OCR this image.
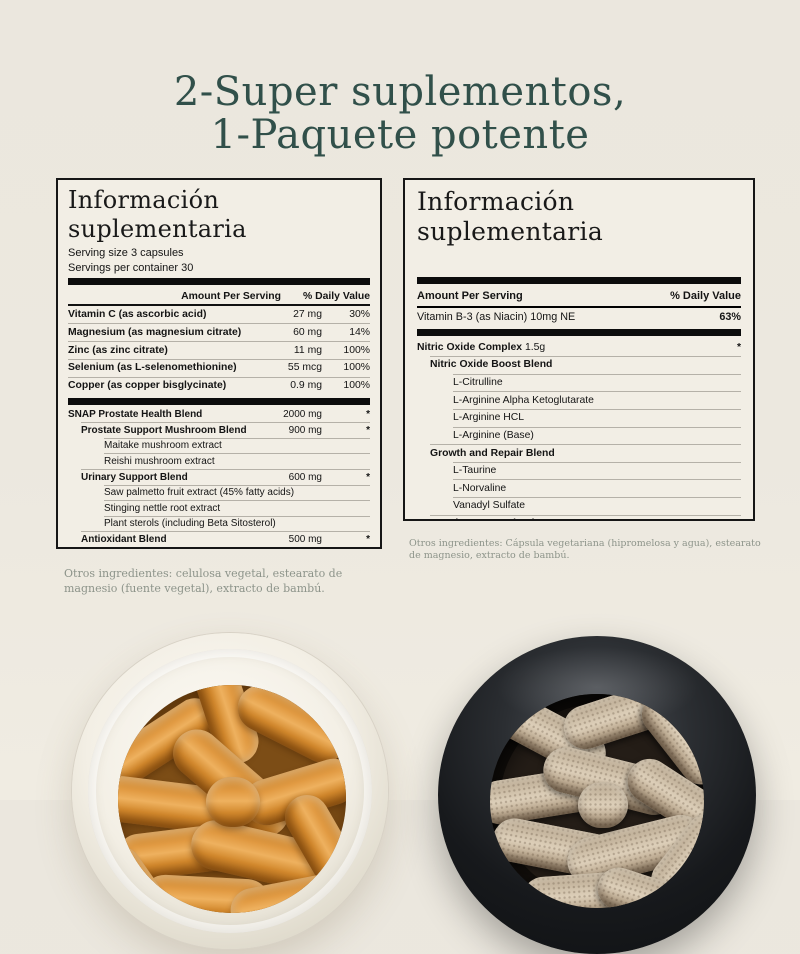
2-Super suplementos,
1-Paquete potente
Información suplementaria
Serving size 3 capsules
Servings per container 30
Amount Per Serving % Daily Value
Vitamin C (as ascorbic acid)	27 mg	30%
Magnesium (as magnesium citrate)	60 mg	14%
Zinc (as zinc citrate)	11 mg	100%
Selenium (as L-selenomethionine)	55 mcg	100%
Copper (as copper bisglycinate)	0.9 mg	100%
SNAP Prostate Health Blend	2000 mg	*
Prostate Support Mushroom Blend	900 mg	*
Maitake mushroom extract
Reishi mushroom extract
Urinary Support Blend	600 mg	*
Saw palmetto fruit extract (45% fatty acids)
Stinging nettle root extract
Plant sterols (including Beta Sitosterol)
Antioxidant Blend	500 mg	*

Otros ingredientes: celulosa vegetal, estearato de magnesio (fuente vegetal), extracto de bambú.

Información suplementaria
Amount Per Serving	% Daily Value
Vitamin B-3 (as Niacin) 10mg NE	63%
Nitric Oxide Complex 1.5g	*
Nitric Oxide Boost Blend
L-Citrulline
L-Arginine Alpha Ketoglutarate
L-Arginine HCL
L-Arginine (Base)
Growth and Repair Blend
L-Taurine
L-Norvaline
Vanadyl Sulfate

Otros ingredientes: Cápsula vegetariana (hipromelosa y agua), estearato de magnesio, extracto de bambú.
